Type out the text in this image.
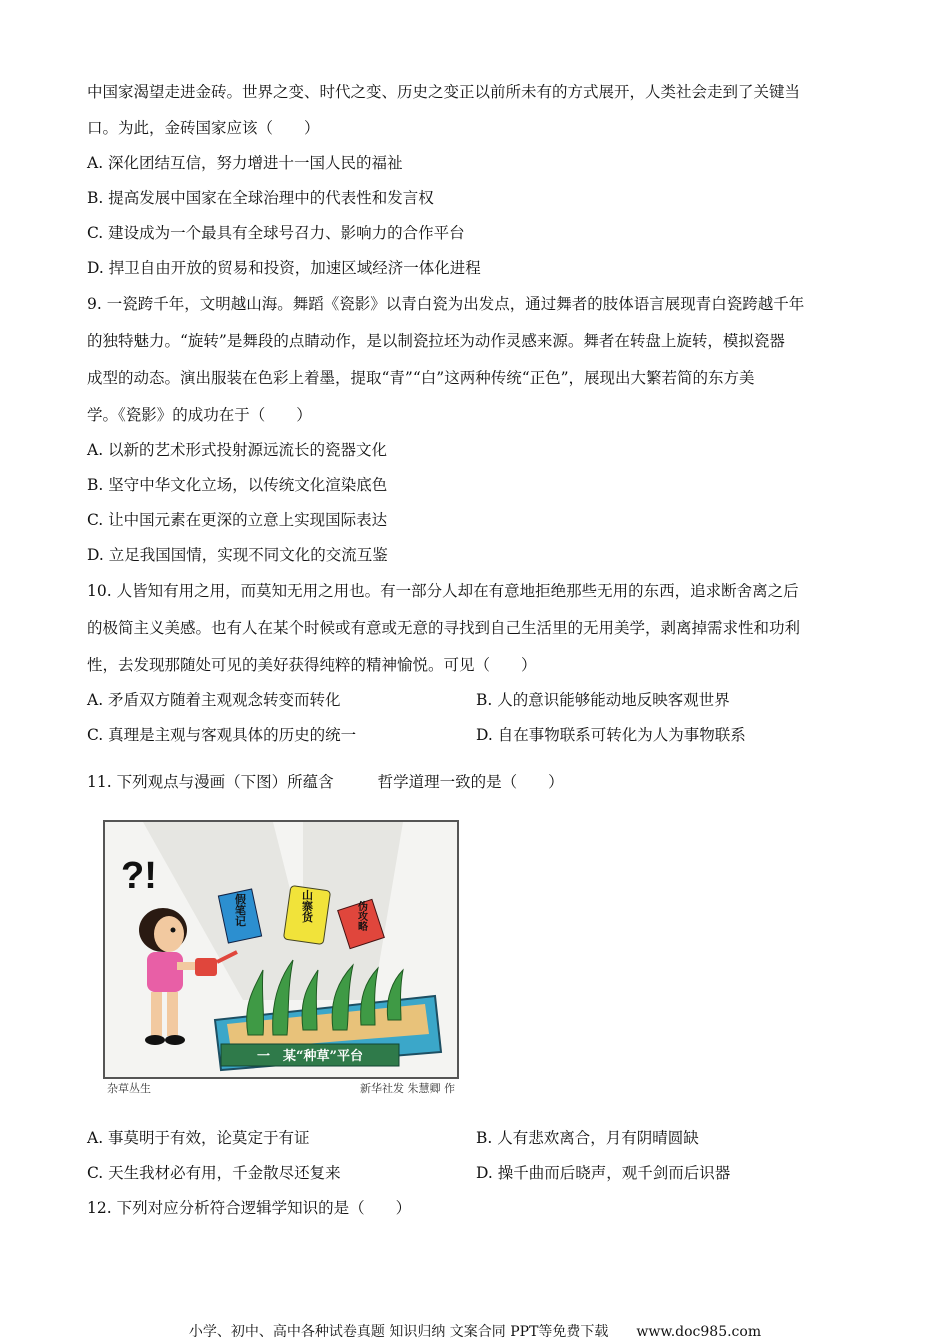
中国家渴望走进金砖。世界之变、时代之变、历史之变正以前所未有的方式展开，人类社会走到了关键当
口。为此，金砖国家应该（　　）
A. 深化团结互信，努力增进十一国人民的福祉
B. 提高发展中国家在全球治理中的代表性和发言权
C. 建设成为一个最具有全球号召力、影响力的合作平台
D. 捍卫自由开放的贸易和投资，加速区域经济一体化进程
9. 一瓷跨千年，文明越山海。舞蹈《瓷影》以青白瓷为出发点，通过舞者的肢体语言展现青白瓷跨越千年
的独特魅力。“旋转”是舞段的点睛动作，是以制瓷拉坯为动作灵感来源。舞者在转盘上旋转，模拟瓷器
成型的动态。演出服装在色彩上着墨，提取“青”“白”这两种传统“正色”，展现出大繁若简的东方美
学。《瓷影》的成功在于（　　）
A. 以新的艺术形式投射源远流长的瓷器文化
B. 坚守中华文化立场，以传统文化渲染底色
C. 让中国元素在更深的立意上实现国际表达
D. 立足我国国情，实现不同文化的交流互鉴
10. 人皆知有用之用，而莫知无用之用也。有一部分人却在有意地拒绝那些无用的东西，追求断舍离之后
的极简主义美感。也有人在某个时候或有意或无意的寻找到自己生活里的无用美学，剥离掉需求性和功利
性，去发现那随处可见的美好获得纯粹的精神愉悦。可见（　　）
A. 矛盾双方随着主观观念转变而转化	B. 人的意识能够能动地反映客观世界
C. 真理是主观与客观具体的历史的统一	D. 自在事物联系可转化为人为事物联系
11. 下列观点与漫画（下图）所蕴含	哲学道理一致的是（　　）
?!
一　某“种草”平台
假笔记	山寨货	伪攻略
杂草丛生	新华社发 朱慧卿 作
A. 事莫明于有效，论莫定于有证	B. 人有悲欢离合，月有阴晴圆缺
C. 天生我材必有用，千金散尽还复来	D. 操千曲而后晓声，观千剑而后识器
12. 下列对应分析符合逻辑学知识的是（　　）
小学、初中、高中各种试卷真题 知识归纳 文案合同 PPT等免费下载　　www.doc985.com
